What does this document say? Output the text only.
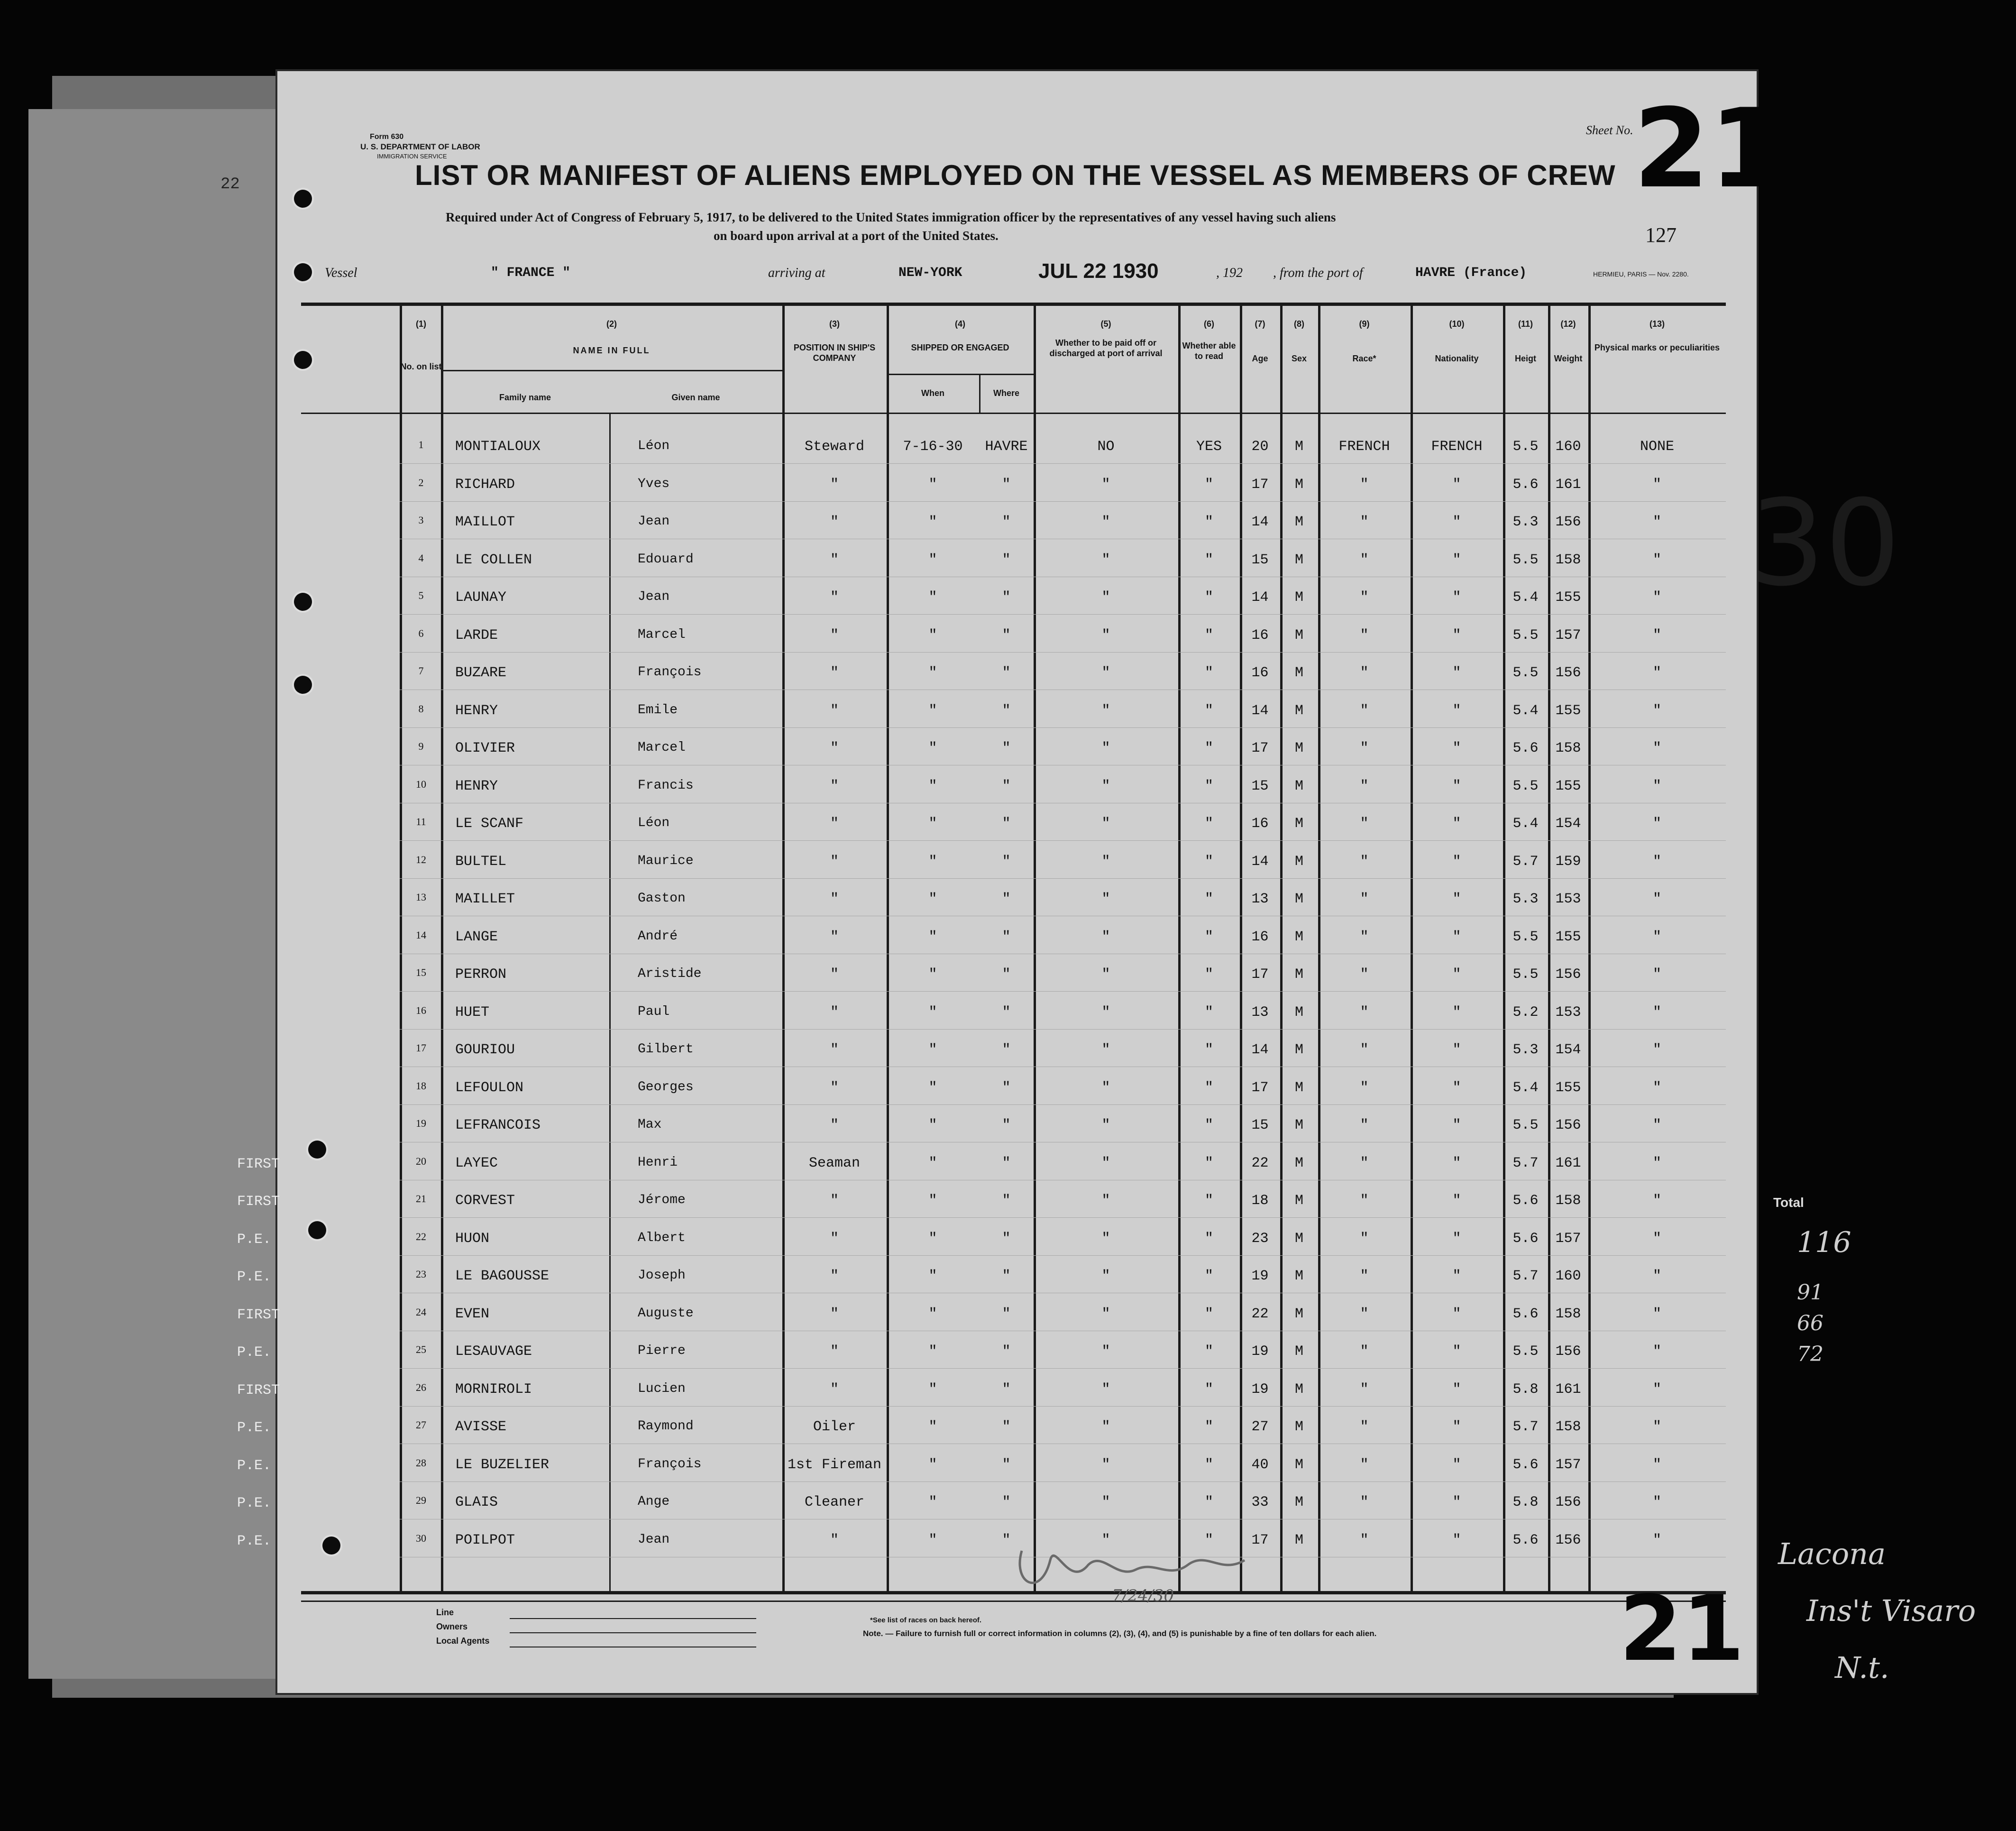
22
Form 630
U. S. DEPARTMENT OF LABOR
IMMIGRATION SERVICE
Sheet No. 21
LIST OR MANIFEST OF ALIENS EMPLOYED ON THE VESSEL AS MEMBERS OF CREW
Required under Act of Congress of February 5, 1917, to be delivered to the United States immigration officer by the representatives of any vessel having such aliens
on board upon arrival at a port of the United States.	127
Vessel	" FRANCE "	arriving at	NEW-YORK	JUL 22 1930	, 192 , from the port of	HAVRE (France)	HERMIEU, PARIS — Nov. 2280.
(1)
No. on list
(2)
NAME IN FULL
Family name	Given name
(3)
POSITION IN SHIP'S COMPANY
(4)
SHIPPED OR ENGAGED
When	Where
(5)
Whether to be paid off or discharged at port of arrival
(6)
Whether able to read
(7)
Age
(8)
Sex
(9)
Race*
(10)
Nationality
(11)
Heigt
(12)
Weight
(13)
Physical marks or peculiarities
1	MONTIALOUX	Léon	Steward	7-16-30	HAVRE	NO	YES	20	M	FRENCH	FRENCH	5.5	160	NONE
2	RICHARD	Yves	"	"	"	"	"	17	M	"	"	5.6	161	"
3	MAILLOT	Jean	"	"	"	"	"	14	M	"	"	5.3	156	"
4	LE COLLEN	Edouard	"	"	"	"	"	15	M	"	"	5.5	158	"
5	LAUNAY	Jean	"	"	"	"	"	14	M	"	"	5.4	155	"
6	LARDE	Marcel	"	"	"	"	"	16	M	"	"	5.5	157	"
7	BUZARE	François	"	"	"	"	"	16	M	"	"	5.5	156	"
8	HENRY	Emile	"	"	"	"	"	14	M	"	"	5.4	155	"
9	OLIVIER	Marcel	"	"	"	"	"	17	M	"	"	5.6	158	"
10	HENRY	Francis	"	"	"	"	"	15	M	"	"	5.5	155	"
11	LE SCANF	Léon	"	"	"	"	"	16	M	"	"	5.4	154	"
12	BULTEL	Maurice	"	"	"	"	"	14	M	"	"	5.7	159	"
13	MAILLET	Gaston	"	"	"	"	"	13	M	"	"	5.3	153	"
14	LANGE	André	"	"	"	"	"	16	M	"	"	5.5	155	"
15	PERRON	Aristide	"	"	"	"	"	17	M	"	"	5.5	156	"
16	HUET	Paul	"	"	"	"	"	13	M	"	"	5.2	153	"
17	GOURIOU	Gilbert	"	"	"	"	"	14	M	"	"	5.3	154	"
18	LEFOULON	Georges	"	"	"	"	"	17	M	"	"	5.4	155	"
19	LEFRANCOIS	Max	"	"	"	"	"	15	M	"	"	5.5	156	"
20	LAYEC	Henri	Seaman	"	"	"	"	22	M	"	"	5.7	161	"
FIRST
21	CORVEST	Jérome	"	"	"	"	"	18	M	"	"	5.6	158	"
FIRST
22	HUON	Albert	"	"	"	"	"	23	M	"	"	5.6	157	"
P.E.
23	LE BAGOUSSE	Joseph	"	"	"	"	"	19	M	"	"	5.7	160	"
P.E.
24	EVEN	Auguste	"	"	"	"	"	22	M	"	"	5.6	158	"
FIRST
25	LESAUVAGE	Pierre	"	"	"	"	"	19	M	"	"	5.5	156	"
P.E.
26	MORNIROLI	Lucien	"	"	"	"	"	19	M	"	"	5.8	161	"
FIRST
27	AVISSE	Raymond	Oiler	"	"	"	"	27	M	"	"	5.7	158	"
P.E.
28	LE BUZELIER	François	1st Fireman	"	"	"	"	40	M	"	"	5.6	157	"
P.E.
29	GLAIS	Ange	Cleaner	"	"	"	"	33	M	"	"	5.8	156	"
P.E.
30	POILPOT	Jean	"	"	"	"	"	17	M	"	"	5.6	156	"
P.E.
Line
Owners
Local Agents
*See list of races on back hereof.
Note. — Failure to furnish full or correct information in columns (2), (3), (4), and (5) is punishable by a fine of ten dollars for each alien.	21
7/24/30
30
Total
116
91
66
72
Lacona
Ins't Visaro
N.t.
